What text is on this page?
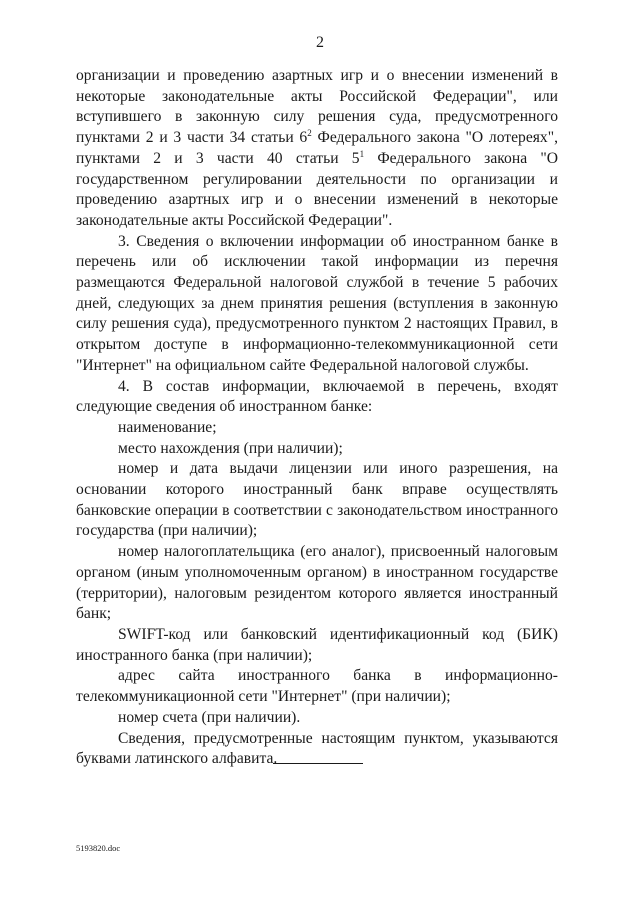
2

организации и проведению азартных игр и о внесении изменений в некоторые законодательные акты Российской Федерации", или вступившего в законную силу решения суда, предусмотренного пунктами 2 и 3 части 34 статьи $6^2$ Федерального закона "О лотереях", пунктами 2 и 3 части 40 статьи $5^1$ Федерального закона "О государственном регулировании деятельности по организации и проведению азартных игр и о внесении изменений в некоторые законодательные акты Российской Федерации".

3. Сведения о включении информации об иностранном банке в перечень или об исключении такой информации из перечня размещаются Федеральной налоговой службой в течение 5 рабочих дней, следующих за днем принятия решения (вступления в законную силу решения суда), предусмотренного пунктом 2 настоящих Правил, в открытом доступе в информационно-телекоммуникационной сети "Интернет" на официальном сайте Федеральной налоговой службы.

4. В состав информации, включаемой в перечень, входят следующие сведения об иностранном банке:

наименование;

место нахождения (при наличии);

номер и дата выдачи лицензии или иного разрешения, на основании которого иностранный банк вправе осуществлять банковские операции в соответствии с законодательством иностранного государства (при наличии);

номер налогоплательщика (его аналог), присвоенный налоговым органом (иным уполномоченным органом) в иностранном государстве (территории), налоговым резидентом которого является иностранный банк;

SWIFT-код или банковский идентификационный код (БИК) иностранного банка (при наличии);

адрес сайта иностранного банка в информационно-телекоммуникационной сети "Интернет" (при наличии);

номер счета (при наличии).

Сведения, предусмотренные настоящим пунктом, указываются буквами латинского алфавита.

5193820.doc
